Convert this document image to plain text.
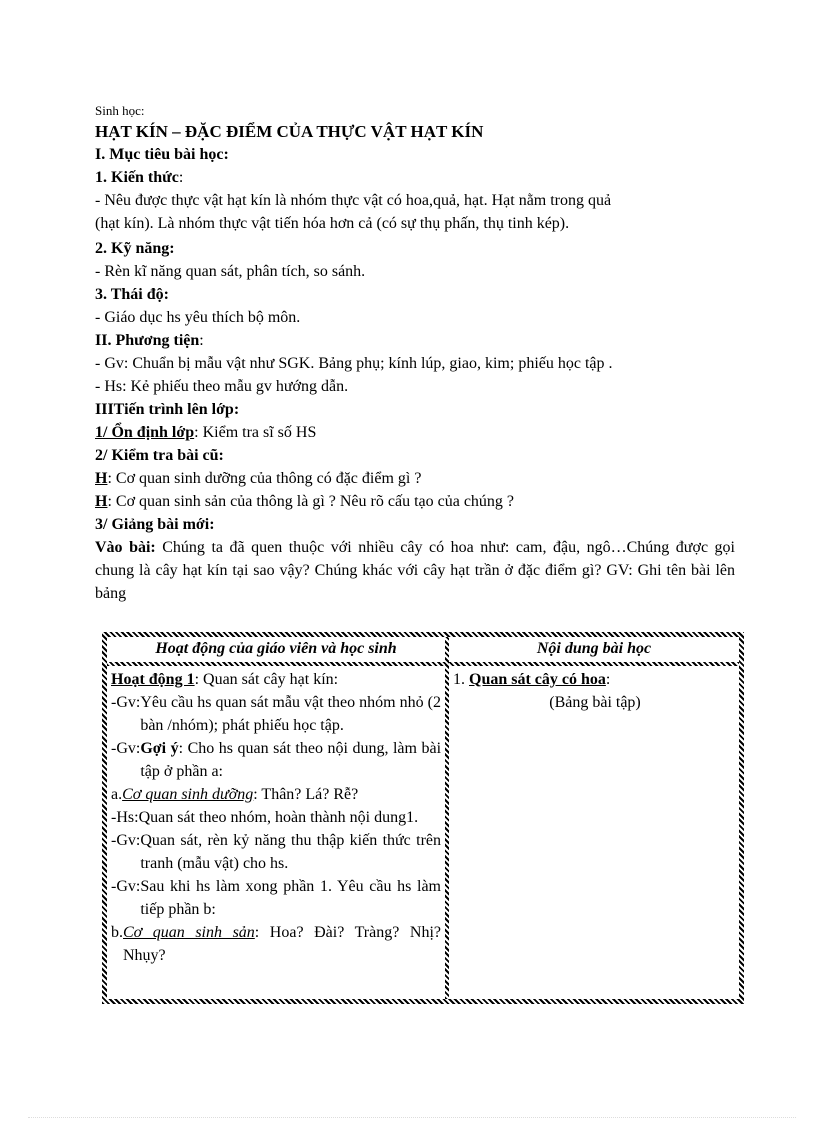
Sinh học:
HẠT KÍN – ĐẶC ĐIỂM CỦA THỰC VẬT HẠT KÍN
I. Mục tiêu bài học:
1. Kiến thức:
- Nêu được thực vật hạt kín là nhóm thực vật có hoa,quả, hạt. Hạt nằm trong quả
(hạt kín). Là nhóm thực vật tiến hóa hơn cả (có sự thụ phấn, thụ tinh kép).
2. Kỹ năng:
- Rèn kĩ năng quan sát, phân tích, so sánh.
3. Thái độ:
- Giáo dục hs yêu thích bộ môn.
II. Phương tiện:
- Gv: Chuẩn bị mẫu vật như SGK. Bảng phụ; kính lúp, giao, kim; phiếu học tập .
- Hs: Kẻ phiếu theo mẫu gv hướng dẫn.
IIITiến trình lên lớp:
1/ Ổn định lớp: Kiểm tra sĩ số HS
2/ Kiểm tra bài cũ:
H: Cơ quan sinh dưỡng của thông có đặc điểm gì ?
H: Cơ quan sinh sản của thông là gì ? Nêu rõ cấu tạo của chúng ?
3/ Giảng bài mới:
Vào bài: Chúng ta đã quen thuộc với nhiều cây có hoa như: cam, đậu, ngô…Chúng được gọi chung là cây hạt kín tại sao vậy? Chúng khác với cây hạt trần ở đặc điểm gì? GV: Ghi tên bài lên bảng
Hoạt động của giáo viên và học sinh	Nội dung bài học
Hoạt động 1: Quan sát cây hạt kín:
-Gv: Yêu cầu hs quan sát mẫu vật theo nhóm nhỏ (2 bàn /nhóm); phát phiếu học tập.
-Gv: Gợi ý: Cho hs quan sát theo nội dung, làm bài tập ở phần a:
a. Cơ quan sinh dưỡng: Thân? Lá? Rễ?
-Hs: Quan sát theo nhóm, hoàn thành nội dung1.
-Gv: Quan sát, rèn kỷ năng thu thập kiến thức trên tranh (mẫu vật) cho hs.
-Gv: Sau khi hs làm xong phần 1. Yêu cầu hs làm tiếp phần b:
b. Cơ quan sinh sản: Hoa? Đài? Tràng? Nhị? Nhụy?
1. Quan sát cây có hoa:
(Bảng bài tập)
